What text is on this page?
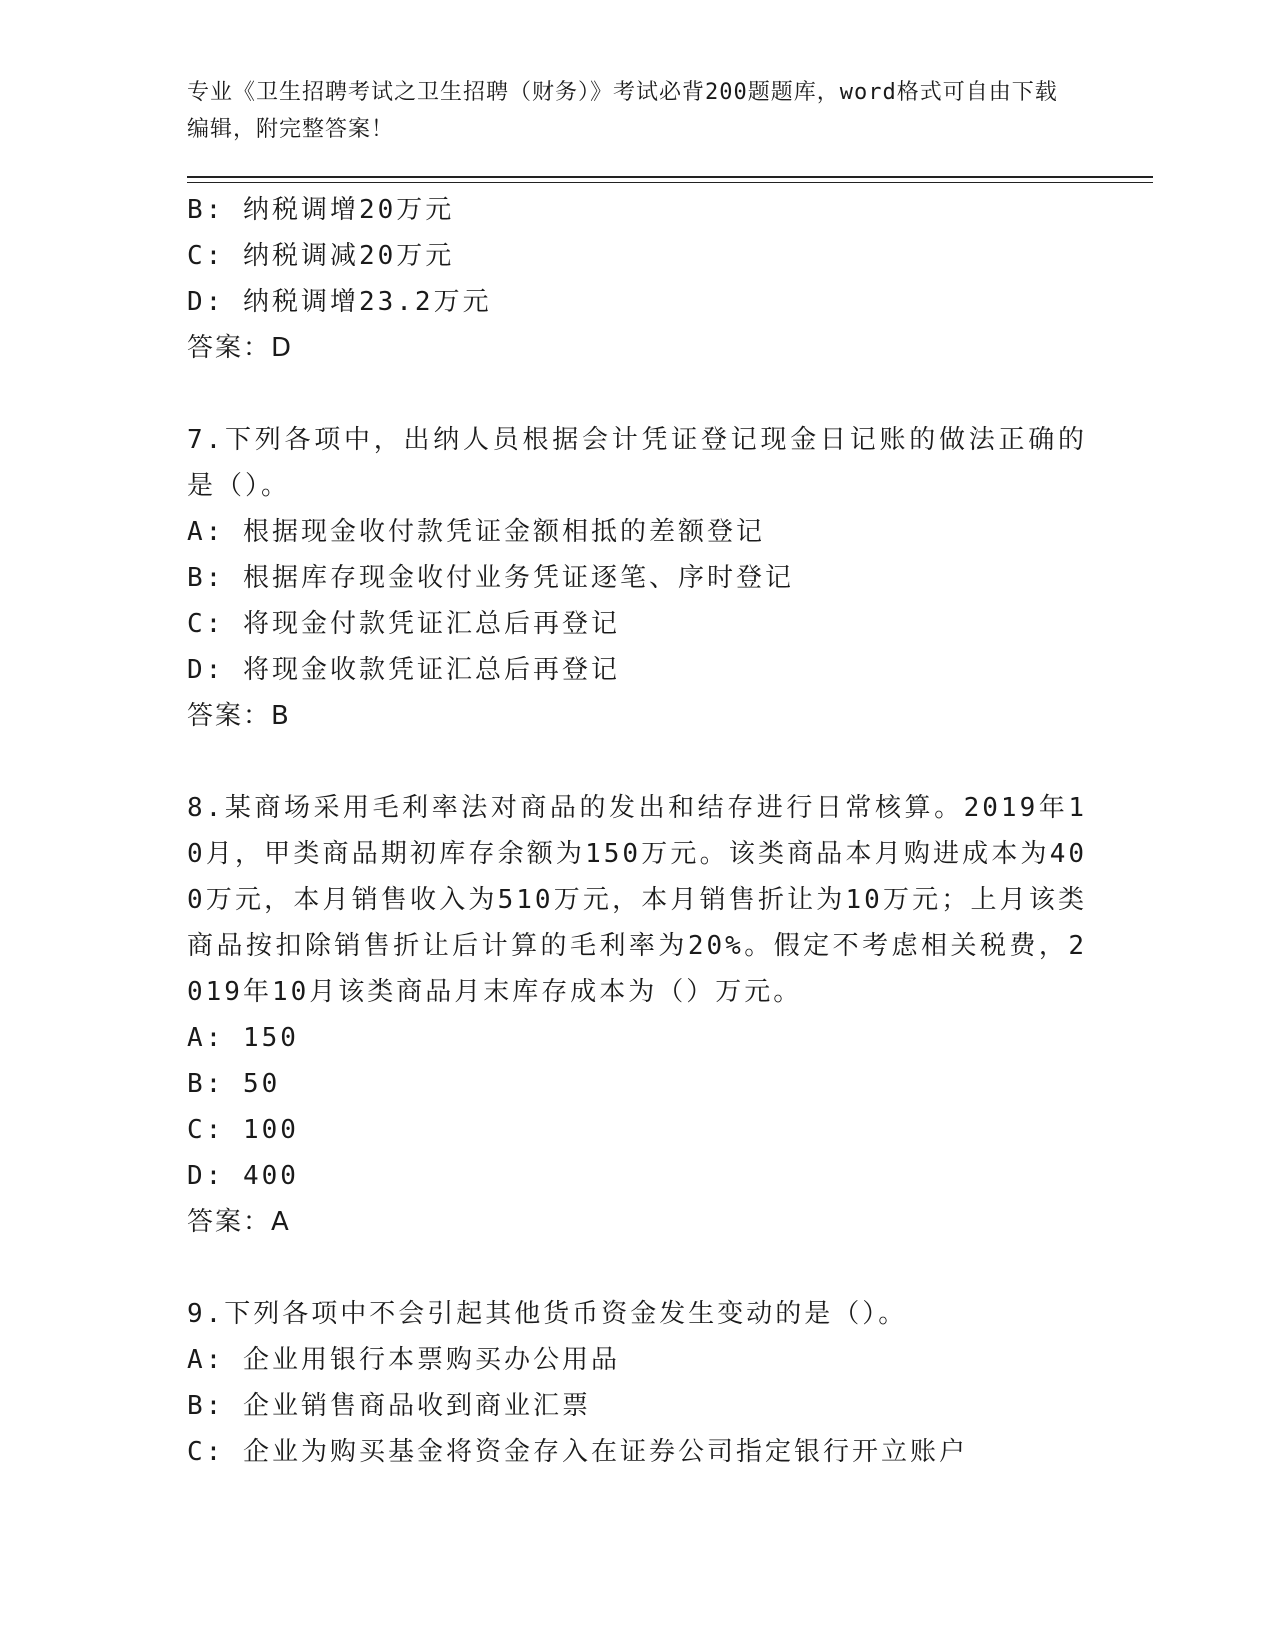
专业《卫生招聘考试之卫生招聘（财务）》考试必背200题题库，word格式可自由下载编辑，附完整答案！
B: 纳税调增20万元
C: 纳税调减20万元
D: 纳税调增23.2万元
答案：D
7.下列各项中，出纳人员根据会计凭证登记现金日记账的做法正确的是（）。
A: 根据现金收付款凭证金额相抵的差额登记
B: 根据库存现金收付业务凭证逐笔、序时登记
C: 将现金付款凭证汇总后再登记
D: 将现金收款凭证汇总后再登记
答案：B
8.某商场采用毛利率法对商品的发出和结存进行日常核算。2019年10月，甲类商品期初库存余额为150万元。该类商品本月购进成本为400万元，本月销售收入为510万元，本月销售折让为10万元；上月该类商品按扣除销售折让后计算的毛利率为20%。假定不考虑相关税费，2019年10月该类商品月末库存成本为（）万元。
A: 150
B: 50
C: 100
D: 400
答案：A
9.下列各项中不会引起其他货币资金发生变动的是（）。
A: 企业用银行本票购买办公用品
B: 企业销售商品收到商业汇票
C: 企业为购买基金将资金存入在证券公司指定银行开立账户
